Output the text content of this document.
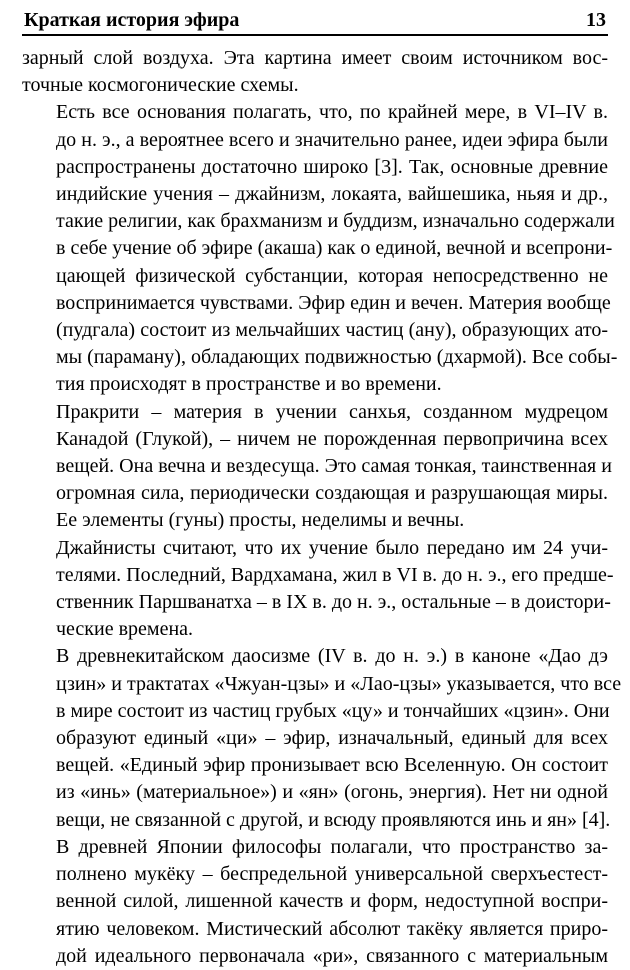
Краткая история эфира	13

зарный слой воздуха. Эта картина имеет своим источником вос-
точные космогонические схемы.

Есть все основания полагать, что, по крайней мере, в VI–IV в.
до н. э., а вероятнее всего и значительно ранее, идеи эфира были
распространены достаточно широко [3]. Так, основные древние
индийские учения – джайнизм, локаята, вайшешика, ньяя и др.,
такие религии, как брахманизм и буддизм, изначально содержали
в себе учение об эфире (акаша) как о единой, вечной и всепрони-
цающей физической субстанции, которая непосредственно не
воспринимается чувствами. Эфир един и вечен. Материя вообще
(пудгала) состоит из мельчайших частиц (ану), образующих ато-
мы (параману), обладающих подвижностью (дхармой). Все собы-
тия происходят в пространстве и во времени.

Пракрити – материя в учении санхья, созданном мудрецом
Канадой (Глукой), – ничем не порожденная первопричина всех
вещей. Она вечна и вездесуща. Это самая тонкая, таинственная и
огромная сила, периодически создающая и разрушающая миры.
Ее элементы (гуны) просты, неделимы и вечны.

Джайнисты считают, что их учение было передано им 24 учи-
телями. Последний, Вардхамана, жил в VI в. до н. э., его предше-
ственник Паршванатха – в IX в. до н. э., остальные – в доистори-
ческие времена.

В древнекитайском даосизме (IV в. до н. э.) в каноне «Дао дэ
цзин» и трактатах «Чжуан-цзы» и «Лао-цзы» указывается, что все
в мире состоит из частиц грубых «цу» и тончайших «цзин». Они
образуют единый «ци» – эфир, изначальный, единый для всех
вещей. «Единый эфир пронизывает всю Вселенную. Он состоит
из «инь» (материальное») и «ян» (огонь, энергия). Нет ни одной
вещи, не связанной с другой, и всюду проявляются инь и ян» [4].

В древней Японии философы полагали, что пространство за-
полнено мукёку – беспредельной универсальной сверхъестест-
венной силой, лишенной качеств и форм, недоступной воспри-
ятию человеком. Мистический абсолют такёку является приро-
дой идеального первоначала «ри», связанного с материальным
